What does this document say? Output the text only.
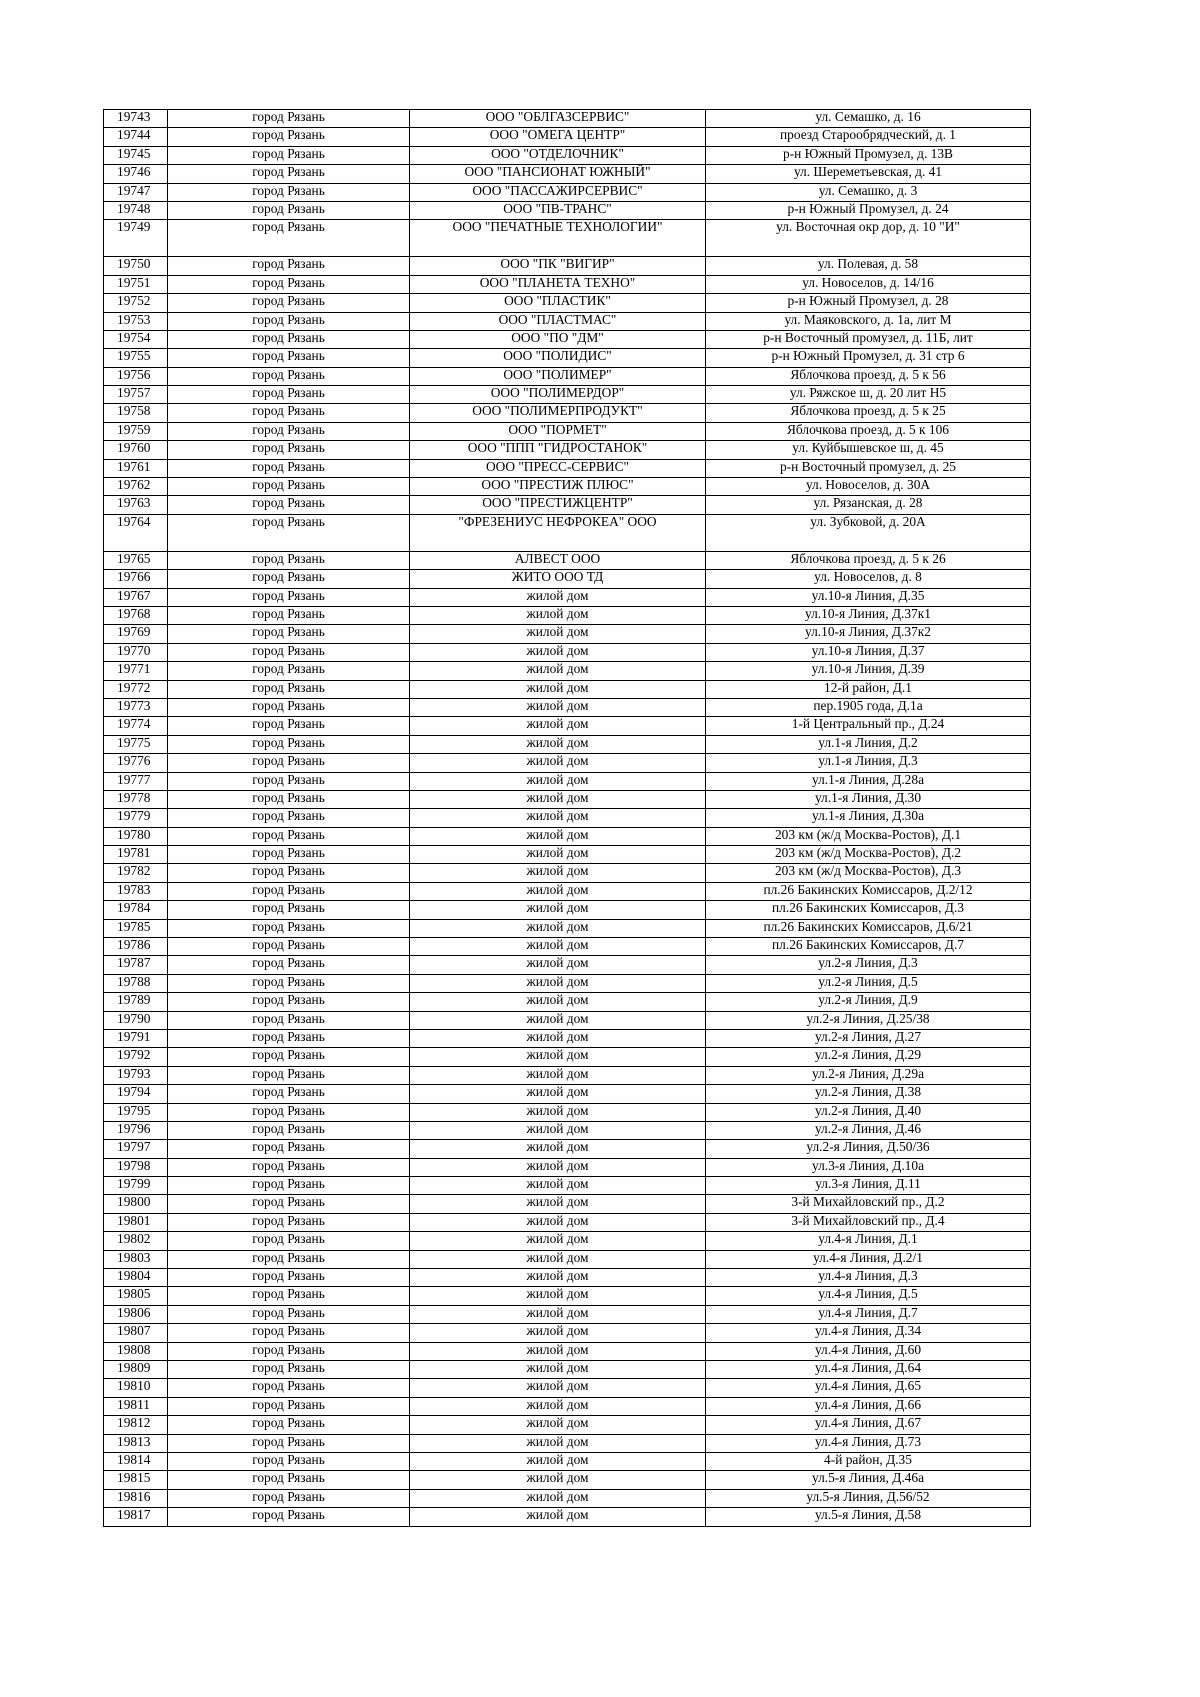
19743	город Рязань	ООО "ОБЛГАЗСЕРВИС"	ул. Семашко, д. 16
19744	город Рязань	ООО "ОМЕГА ЦЕНТР"	проезд Старообрядческий, д. 1
19745	город Рязань	ООО "ОТДЕЛОЧНИК"	р-н Южный Промузел, д. 13В
19746	город Рязань	ООО "ПАНСИОНАТ ЮЖНЫЙ"	ул. Шереметьевская, д. 41
19747	город Рязань	ООО "ПАССАЖИРСЕРВИС"	ул. Семашко, д. 3
19748	город Рязань	ООО "ПВ-ТРАНС"	р-н Южный Промузел, д. 24
19749	город Рязань	ООО "ПЕЧАТНЫЕ ТЕХНОЛОГИИ"	ул. Восточная окр дор, д. 10 "И"
19750	город Рязань	ООО "ПК "ВИГИР"	ул. Полевая, д. 58
19751	город Рязань	ООО "ПЛАНЕТА ТЕХНО"	ул. Новоселов, д. 14/16
19752	город Рязань	ООО "ПЛАСТИК"	р-н Южный Промузел, д. 28
19753	город Рязань	ООО "ПЛАСТМАС"	ул. Маяковского, д. 1а, лит М
19754	город Рязань	ООО "ПО "ДМ"	р-н Восточный промузел, д. 11Б, лит
19755	город Рязань	ООО "ПОЛИДИС"	р-н Южный Промузел, д. 31 стр 6
19756	город Рязань	ООО "ПОЛИМЕР"	Яблочкова проезд, д. 5 к 56
19757	город Рязань	ООО "ПОЛИМЕРДОР"	ул. Ряжское ш, д. 20 лит Н5
19758	город Рязань	ООО "ПОЛИМЕРПРОДУКТ"	Яблочкова проезд, д. 5 к 25
19759	город Рязань	ООО "ПОРМЕТ"	Яблочкова проезд, д. 5 к 106
19760	город Рязань	ООО "ППП "ГИДРОСТАНОК"	ул. Куйбышевское ш, д. 45
19761	город Рязань	ООО "ПРЕСС-СЕРВИС"	р-н Восточный промузел, д. 25
19762	город Рязань	ООО "ПРЕСТИЖ ПЛЮС"	ул. Новоселов, д. 30А
19763	город Рязань	ООО "ПРЕСТИЖЦЕНТР"	ул. Рязанская, д. 28
19764	город Рязань	"ФРЕЗЕНИУС НЕФРОКЕА" ООО	ул. Зубковой, д. 20А
19765	город Рязань	АЛВЕСТ ООО	Яблочкова проезд, д. 5 к 26
19766	город Рязань	ЖИТО ООО ТД	ул. Новоселов, д. 8
19767	город Рязань	жилой дом	ул.10-я Линия, Д.35
19768	город Рязань	жилой дом	ул.10-я Линия, Д.37к1
19769	город Рязань	жилой дом	ул.10-я Линия, Д.37к2
19770	город Рязань	жилой дом	ул.10-я Линия, Д.37
19771	город Рязань	жилой дом	ул.10-я Линия, Д.39
19772	город Рязань	жилой дом	12-й район, Д.1
19773	город Рязань	жилой дом	пер.1905 года, Д.1а
19774	город Рязань	жилой дом	1-й Центральный пр., Д.24
19775	город Рязань	жилой дом	ул.1-я Линия, Д.2
19776	город Рязань	жилой дом	ул.1-я Линия, Д.3
19777	город Рязань	жилой дом	ул.1-я Линия, Д.28а
19778	город Рязань	жилой дом	ул.1-я Линия, Д.30
19779	город Рязань	жилой дом	ул.1-я Линия, Д.30а
19780	город Рязань	жилой дом	203 км (ж/д Москва-Ростов), Д.1
19781	город Рязань	жилой дом	203 км (ж/д Москва-Ростов), Д.2
19782	город Рязань	жилой дом	203 км (ж/д Москва-Ростов), Д.3
19783	город Рязань	жилой дом	пл.26 Бакинских Комиссаров, Д.2/12
19784	город Рязань	жилой дом	пл.26 Бакинских Комиссаров, Д.3
19785	город Рязань	жилой дом	пл.26 Бакинских Комиссаров, Д.6/21
19786	город Рязань	жилой дом	пл.26 Бакинских Комиссаров, Д.7
19787	город Рязань	жилой дом	ул.2-я Линия, Д.3
19788	город Рязань	жилой дом	ул.2-я Линия, Д.5
19789	город Рязань	жилой дом	ул.2-я Линия, Д.9
19790	город Рязань	жилой дом	ул.2-я Линия, Д.25/38
19791	город Рязань	жилой дом	ул.2-я Линия, Д.27
19792	город Рязань	жилой дом	ул.2-я Линия, Д.29
19793	город Рязань	жилой дом	ул.2-я Линия, Д.29а
19794	город Рязань	жилой дом	ул.2-я Линия, Д.38
19795	город Рязань	жилой дом	ул.2-я Линия, Д.40
19796	город Рязань	жилой дом	ул.2-я Линия, Д.46
19797	город Рязань	жилой дом	ул.2-я Линия, Д.50/36
19798	город Рязань	жилой дом	ул.3-я Линия, Д.10а
19799	город Рязань	жилой дом	ул.3-я Линия, Д.11
19800	город Рязань	жилой дом	3-й Михайловский пр., Д.2
19801	город Рязань	жилой дом	3-й Михайловский пр., Д.4
19802	город Рязань	жилой дом	ул.4-я Линия, Д.1
19803	город Рязань	жилой дом	ул.4-я Линия, Д.2/1
19804	город Рязань	жилой дом	ул.4-я Линия, Д.3
19805	город Рязань	жилой дом	ул.4-я Линия, Д.5
19806	город Рязань	жилой дом	ул.4-я Линия, Д.7
19807	город Рязань	жилой дом	ул.4-я Линия, Д.34
19808	город Рязань	жилой дом	ул.4-я Линия, Д.60
19809	город Рязань	жилой дом	ул.4-я Линия, Д.64
19810	город Рязань	жилой дом	ул.4-я Линия, Д.65
19811	город Рязань	жилой дом	ул.4-я Линия, Д.66
19812	город Рязань	жилой дом	ул.4-я Линия, Д.67
19813	город Рязань	жилой дом	ул.4-я Линия, Д.73
19814	город Рязань	жилой дом	4-й район, Д.35
19815	город Рязань	жилой дом	ул.5-я Линия, Д.46а
19816	город Рязань	жилой дом	ул.5-я Линия, Д.56/52
19817	город Рязань	жилой дом	ул.5-я Линия, Д.58
